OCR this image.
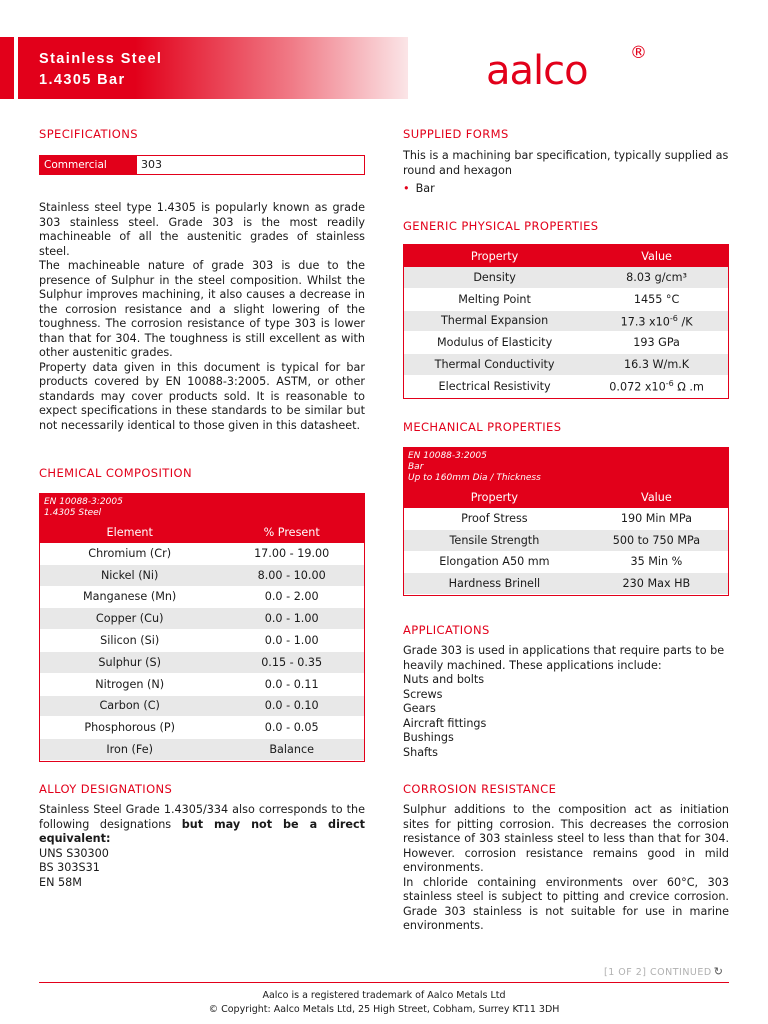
Stainless Steel
1.4305 Bar	aalco ®
SPECIFICATIONS
Commercial	303

Stainless steel type 1.4305 is popularly known as grade 303 stainless steel. Grade 303 is the most readily machineable of all the austenitic grades of stainless steel.

The machineable nature of grade 303 is due to the presence of Sulphur in the steel composition. Whilst the Sulphur improves machining, it also causes a decrease in the corrosion resistance and a slight lowering of the toughness. The corrosion resistance of type 303 is lower than that for 304. The toughness is still excellent as with other austenitic grades.

Property data given in this document is typical for bar products covered by EN 10088-3:2005. ASTM, or other standards may cover products sold. It is reasonable to expect specifications in these standards to be similar but not necessarily identical to those given in this datasheet.

CHEMICAL COMPOSITION
EN 10088-3:2005
1.4305 Steel
Element	% Present
Chromium (Cr)	17.00 - 19.00
Nickel (Ni)	8.00 - 10.00
Manganese (Mn)	0.0 - 2.00
Copper (Cu)	0.0 - 1.00
Silicon (Si)	0.0 - 1.00
Sulphur (S)	0.15 - 0.35
Nitrogen (N)	0.0 - 0.11
Carbon (C)	0.0 - 0.10
Phosphorous (P)	0.0 - 0.05
Iron (Fe)	Balance
ALLOY DESIGNATIONS

Stainless Steel Grade 1.4305/334 also corresponds to the following designations but may not be a direct equivalent:

UNS S30300
BS 303S31
EN 58M
SUPPLIED FORMS

This is a machining bar specification, typically supplied as round and hexagon

• Bar
GENERIC PHYSICAL PROPERTIES
Property	Value
Density	8.03 g/cm³
Melting Point	1455 °C
Thermal Expansion	17.3 $x10^{-6}$ /K
Modulus of Elasticity	193 GPa
Thermal Conductivity	16.3 W/m.K
Electrical Resistivity	0.072 $x10^{-6}$ Ω .m
MECHANICAL PROPERTIES
EN 10088-3:2005
Bar
Up to 160mm Dia / Thickness
Property	Value
Proof Stress	190 Min MPa
Tensile Strength	500 to 750 MPa
Elongation A50 mm	35 Min %
Hardness Brinell	230 Max HB
APPLICATIONS

Grade 303 is used in applications that require parts to be heavily machined. These applications include:

Nuts and bolts
Screws
Gears
Aircraft fittings
Bushings
Shafts
CORROSION RESISTANCE

Sulphur additions to the composition act as initiation sites for pitting corrosion. This decreases the corrosion resistance of 303 stainless steel to less than that for 304. However. corrosion resistance remains good in mild environments.

In chloride containing environments over 60°C, 303 stainless steel is subject to pitting and crevice corrosion. Grade 303 stainless is not suitable for use in marine environments.

[1 OF 2] CONTINUED ↻
Aalco is a registered trademark of Aalco Metals Ltd
© Copyright: Aalco Metals Ltd, 25 High Street, Cobham, Surrey KT11 3DH
